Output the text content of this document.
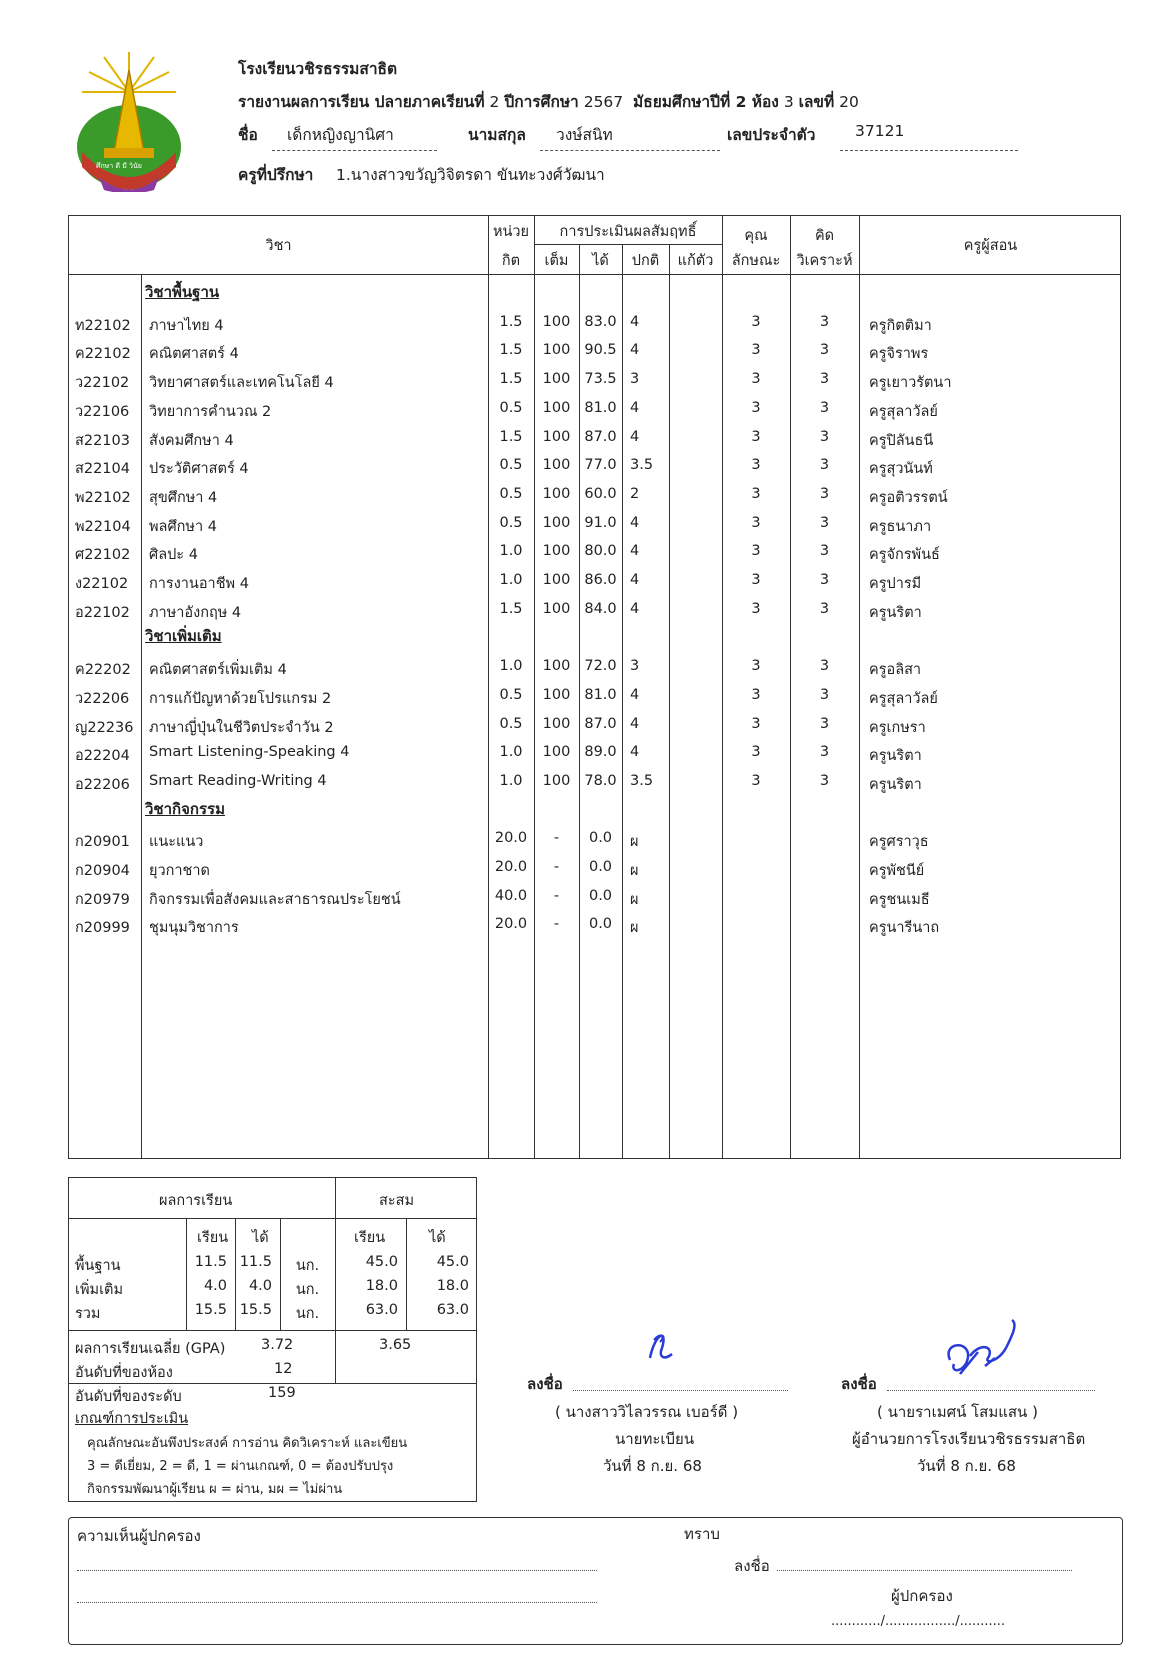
ศึกษา ดี มี วินัย
โรงเรียนวชิรธรรมสาธิต
รายงานผลการเรียน ปลายภาคเรียนที่ 2 ปีการศึกษา 2567 มัธยมศึกษาปีที่ 2 ห้อง 3 เลขที่ 20
ชื่อ เด็กหญิงญานิศา	นามสกุล วงษ์สนิท	เลขประจำตัว	37121
ครูที่ปรึกษา 1.นางสาวขวัญวิจิตรดา ขันทะวงศ์วัฒนา
วิชา
หน่วย
กิต
การประเมินผลสัมฤทธิ์
เต็ม	ได้	ปกติ	แก้ตัว
คุณ
ลักษณะ
คิด
วิเคราะห์
ครูผู้สอน
วิชาพื้นฐาน
ท22102 ภาษาไทย 4	1.5	100 83.0 4	3	3	ครูกิตติมา
ค22102 คณิตศาสตร์ 4	1.5	100 90.5 4	3	3	ครูจิราพร
ว22102 วิทยาศาสตร์และเทคโนโลยี 4	1.5	100 73.5 3	3	3	ครูเยาวรัตนา
ว22106 วิทยาการคำนวณ 2	0.5	100 81.0 4	3	3	ครูสุลาวัลย์
ส22103 สังคมศึกษา 4	1.5	100 87.0 4	3	3	ครูปิลันธนี
ส22104 ประวัติศาสตร์ 4	0.5	100 77.0 3.5	3	3	ครูสุวนันท์
พ22102 สุขศึกษา 4	0.5	100 60.0 2	3	3	ครูอติวรรตน์
พ22104 พลศึกษา 4	0.5	100 91.0 4	3	3	ครูธนาภา
ศ22102 ศิลปะ 4	1.0	100 80.0 4	3	3	ครูจักรพันธ์
ง22102 การงานอาชีพ 4	1.0	100 86.0 4	3	3	ครูปารมี
อ22102 ภาษาอังกฤษ 4	1.5	100 84.0 4	3	3	ครูนริตา
วิชาเพิ่มเติม
ค22202 คณิตศาสตร์เพิ่มเติม 4	1.0	100 72.0 3	3	3	ครูอลิสา
ว22206 การแก้ปัญหาด้วยโปรแกรม 2	0.5	100 81.0 4	3	3	ครูสุลาวัลย์
ญ22236 ภาษาญี่ปุ่นในชีวิตประจำวัน 2	0.5	100 87.0 4	3	3	ครูเกษรา
อ22204 Smart Listening-Speaking 4	1.0	100 89.0 4	3	3	ครูนริตา
อ22206 Smart Reading-Writing 4	1.0	100 78.0 3.5	3	3	ครูนริตา
วิชากิจกรรม
ก20901 แนะแนว	20.0	-	0.0	ผ	ครูศราวุธ
ก20904 ยุวกาชาด	20.0	-	0.0	ผ	ครูพัชนีย์
ก20979 กิจกรรมเพื่อสังคมและสาธารณประโยชน์	40.0	-	0.0	ผ	ครูชนเมธี
ก20999 ชุมนุมวิชาการ	20.0	-	0.0	ผ	ครูนารีนาถ
ผลการเรียน	สะสม
เรียน ได้	เรียน	ได้
พื้นฐาน	11.5 11.5	นก.	45.0	45.0
เพิ่มเติม	4.0	4.0	นก.	18.0	18.0
รวม	15.5 15.5	นก.	63.0	63.0
ผลการเรียนเฉลี่ย (GPA) 3.72	3.65
อันดับที่ของห้อง	12
อันดับที่ของระดับ	159
เกณฑ์การประเมิน
คุณลักษณะอันพึงประสงค์ การอ่าน คิดวิเคราะห์ และเขียน
3 = ดีเยี่ยม, 2 = ดี, 1 = ผ่านเกณฑ์, 0 = ต้องปรับปรุง
กิจกรรมพัฒนาผู้เรียน ผ = ผ่าน, มผ = ไม่ผ่าน
ลงชื่อ
( นางสาววิไลวรรณ เบอร์ดี )
นายทะเบียน
วันที่ 8 ก.ย. 68
ลงชื่อ
( นายราเมศน์ โสมแสน )
ผู้อำนวยการโรงเรียนวชิรธรรมสาธิต
วันที่ 8 ก.ย. 68
ความเห็นผู้ปกครอง	ทราบ
ลงชื่อ
ผู้ปกครอง
............/................./...........
